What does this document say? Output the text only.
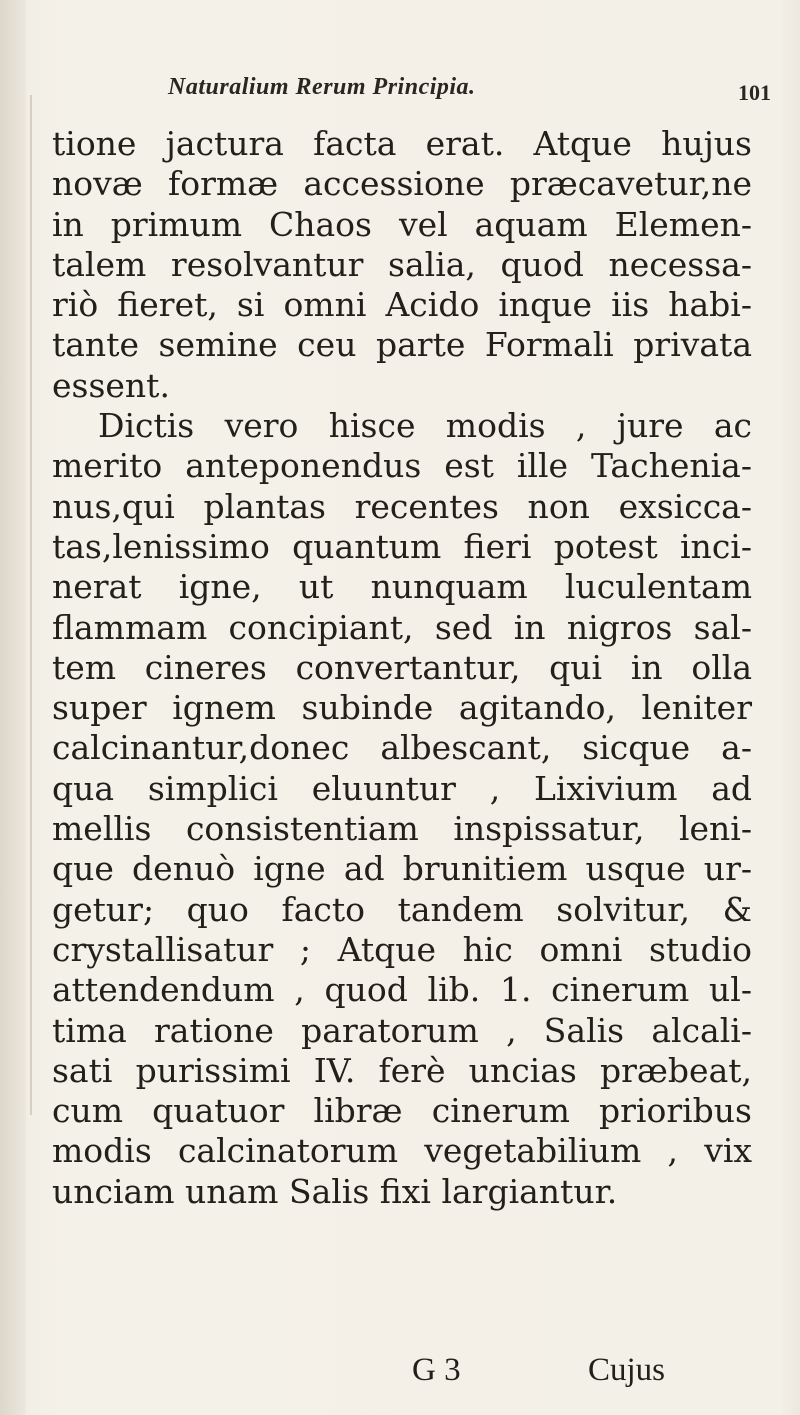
Naturalium Rerum Principia.	101
tione jactura facta erat. Atque hujus
novæ formæ accessione præcavetur,ne
in primum Chaos vel aquam Elemen-
talem resolvantur salia, quod necessa-
riò fieret, si omni Acido inque iis habi-
tante semine ceu parte Formali privata
essent.
Dictis vero hisce modis , jure ac
merito anteponendus est ille Tachenia-
nus,qui plantas recentes non exsicca-
tas,lenissimo quantum fieri potest inci-
nerat igne, ut nunquam luculentam
flammam concipiant, sed in nigros sal-
tem cineres convertantur, qui in olla
super ignem subinde agitando, leniter
calcinantur,donec albescant, sicque a-
qua simplici eluuntur , Lixivium ad
mellis consistentiam inspissatur, leni-
que denuò igne ad brunitiem usque ur-
getur; quo facto tandem solvitur, &
crystallisatur ; Atque hic omni studio
attendendum , quod lib. 1. cinerum ul-
tima ratione paratorum , Salis alcali-
sati purissimi IV. ferè uncias præbeat,
cum quatuor libræ cinerum prioribus
modis calcinatorum vegetabilium , vix
unciam unam Salis fixi largiantur.
G 3	Cujus
